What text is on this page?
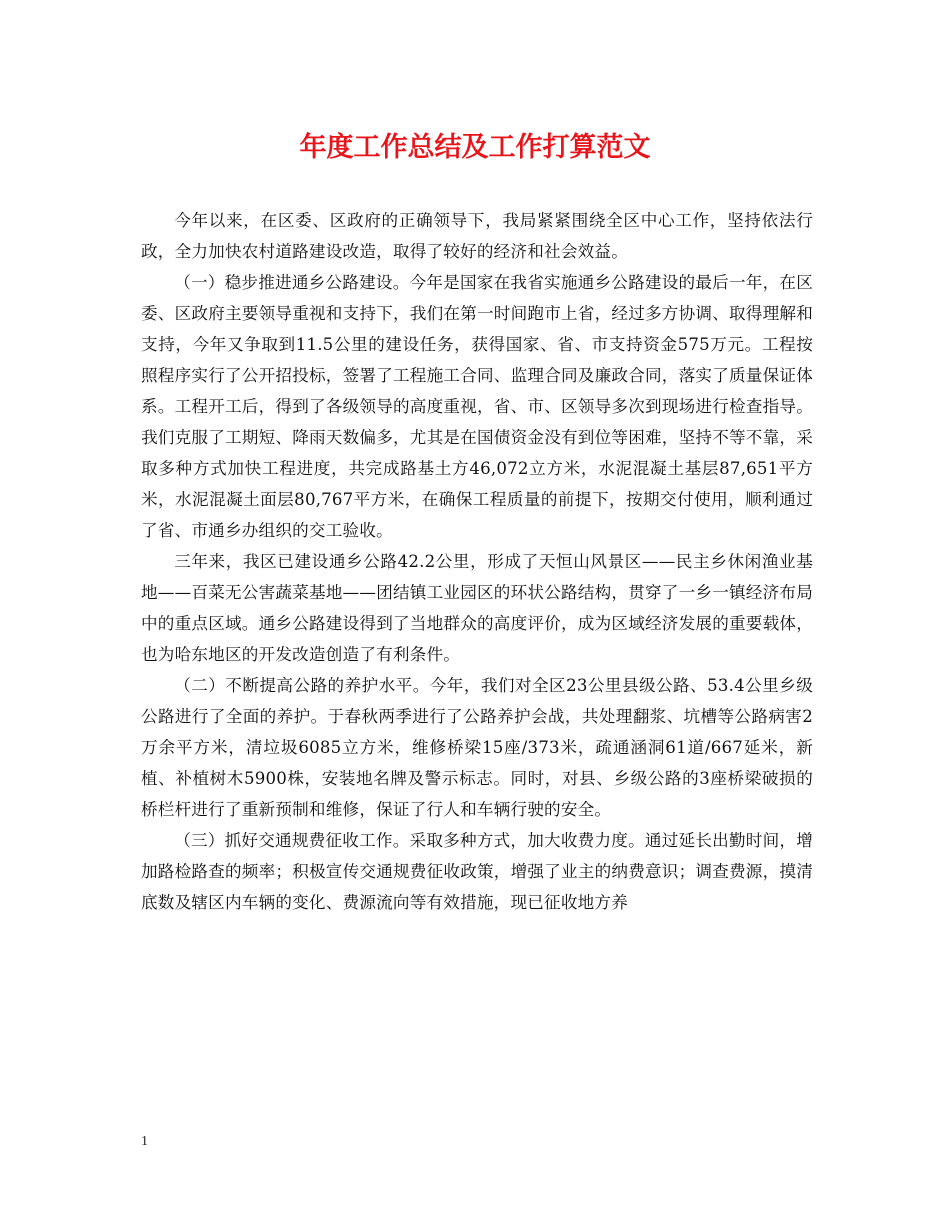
年度工作总结及工作打算范文

今年以来，在区委、区政府的正确领导下，我局紧紧围绕全区中心工作，坚持依法行政，全力加快农村道路建设改造，取得了较好的经济和社会效益。

（一）稳步推进通乡公路建设。今年是国家在我省实施通乡公路建设的最后一年，在区委、区政府主要领导重视和支持下，我们在第一时间跑市上省，经过多方协调、取得理解和支持，今年又争取到11.5公里的建设任务，获得国家、省、市支持资金575万元。工程按照程序实行了公开招投标，签署了工程施工合同、监理合同及廉政合同，落实了质量保证体系。工程开工后，得到了各级领导的高度重视，省、市、区领导多次到现场进行检查指导。我们克服了工期短、降雨天数偏多，尤其是在国债资金没有到位等困难，坚持不等不靠，采取多种方式加快工程进度，共完成路基土方46,072立方米，水泥混凝土基层87,651平方米，水泥混凝土面层80,767平方米，在确保工程质量的前提下，按期交付使用，顺利通过了省、市通乡办组织的交工验收。

三年来，我区已建设通乡公路42.2公里，形成了天恒山风景区——民主乡休闲渔业基地——百菜无公害蔬菜基地——团结镇工业园区的环状公路结构，贯穿了一乡一镇经济布局中的重点区域。通乡公路建设得到了当地群众的高度评价，成为区域经济发展的重要载体，也为哈东地区的开发改造创造了有利条件。

（二）不断提高公路的养护水平。今年，我们对全区23公里县级公路、53.4公里乡级公路进行了全面的养护。于春秋两季进行了公路养护会战，共处理翻浆、坑槽等公路病害2万余平方米，清垃圾6085立方米，维修桥梁15座/373米，疏通涵洞61道/667延米，新植、补植树木5900株，安装地名牌及警示标志。同时，对县、乡级公路的3座桥梁破损的桥栏杆进行了重新预制和维修，保证了行人和车辆行驶的安全。

（三）抓好交通规费征收工作。采取多种方式，加大收费力度。通过延长出勤时间，增加路检路查的频率；积极宣传交通规费征收政策，增强了业主的纳费意识；调查费源，摸清底数及辖区内车辆的变化、费源流向等有效措施，现已征收地方养

1
